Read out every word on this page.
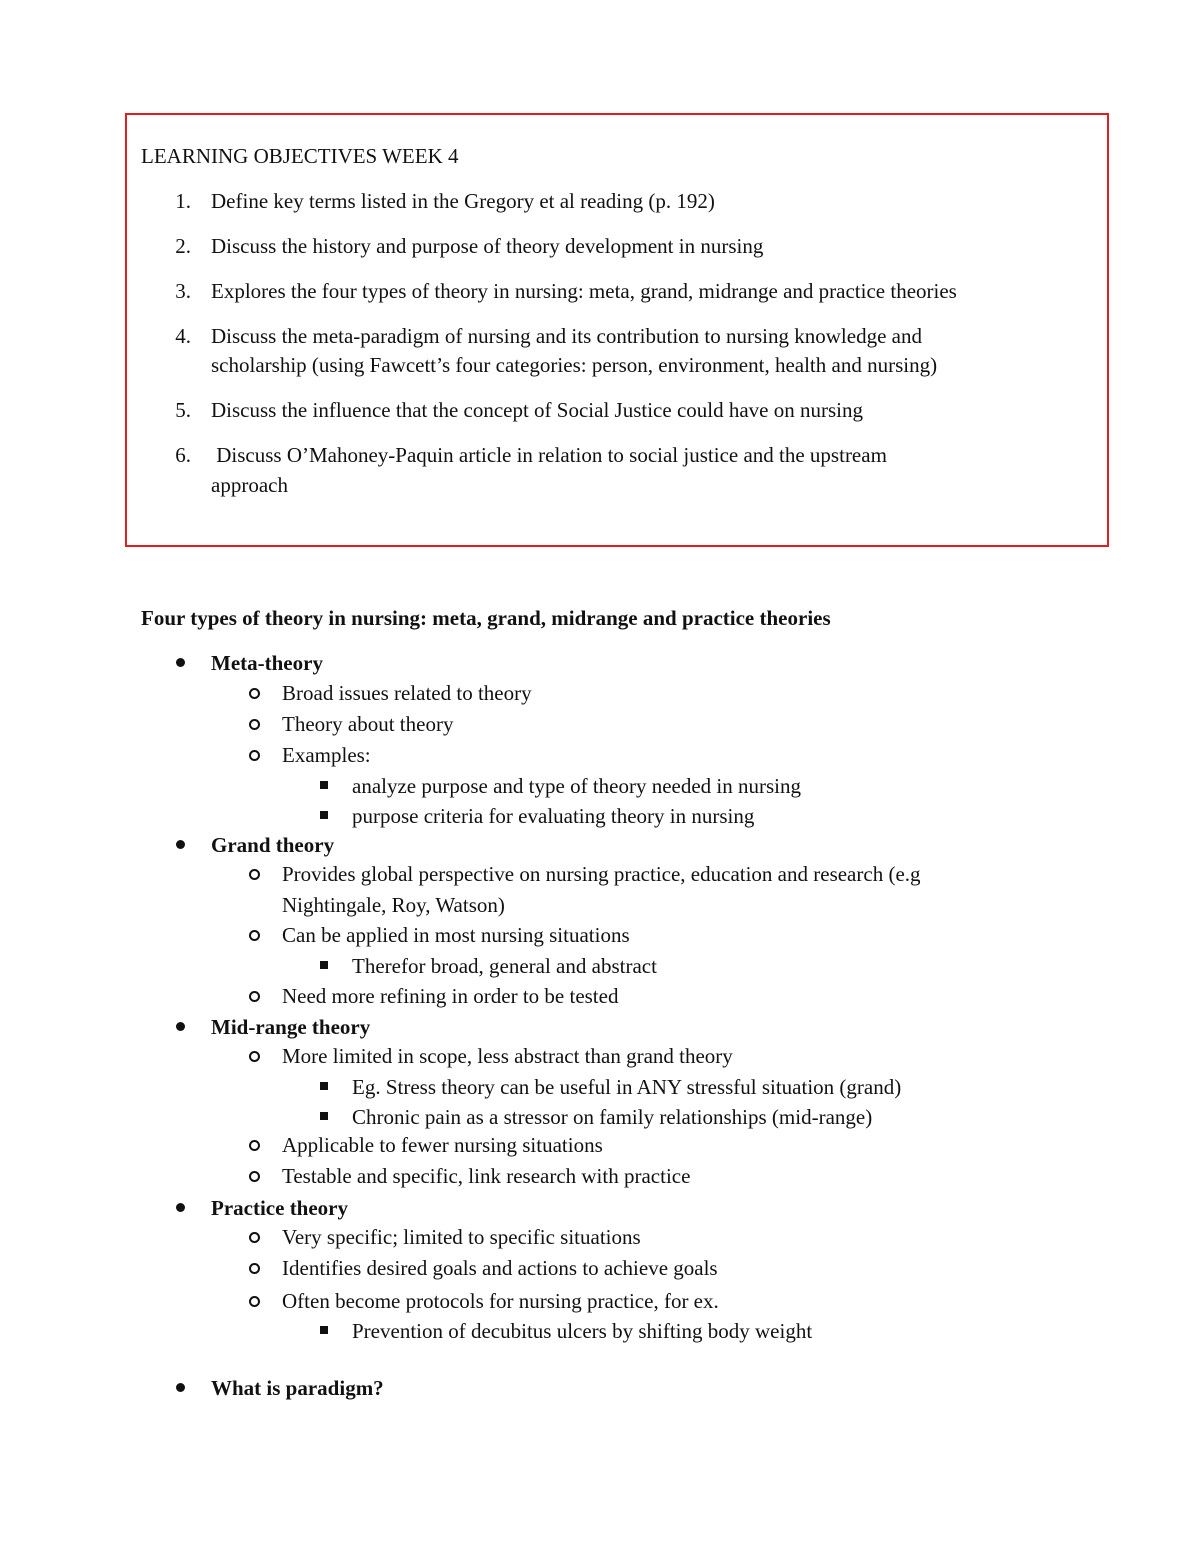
LEARNING OBJECTIVES WEEK 4
1. Define key terms listed in the Gregory et al reading (p. 192)
2. Discuss the history and purpose of theory development in nursing
3. Explores the four types of theory in nursing: meta, grand, midrange and practice theories
4. Discuss the meta-paradigm of nursing and its contribution to nursing knowledge and
scholarship (using Fawcett’s four categories: person, environment, health and nursing)
5. Discuss the influence that the concept of Social Justice could have on nursing
6. Discuss O’Mahoney-Paquin article in relation to social justice and the upstream
approach
Four types of theory in nursing: meta, grand, midrange and practice theories
Meta-theory
Broad issues related to theory
Theory about theory
Examples:
analyze purpose and type of theory needed in nursing
purpose criteria for evaluating theory in nursing
Grand theory
Provides global perspective on nursing practice, education and research (e.g
Nightingale, Roy, Watson)
Can be applied in most nursing situations
Therefor broad, general and abstract
Need more refining in order to be tested
Mid-range theory
More limited in scope, less abstract than grand theory
Eg. Stress theory can be useful in ANY stressful situation (grand)
Chronic pain as a stressor on family relationships (mid-range)
Applicable to fewer nursing situations
Testable and specific, link research with practice
Practice theory
Very specific; limited to specific situations
Identifies desired goals and actions to achieve goals
Often become protocols for nursing practice, for ex.
Prevention of decubitus ulcers by shifting body weight
What is paradigm?
